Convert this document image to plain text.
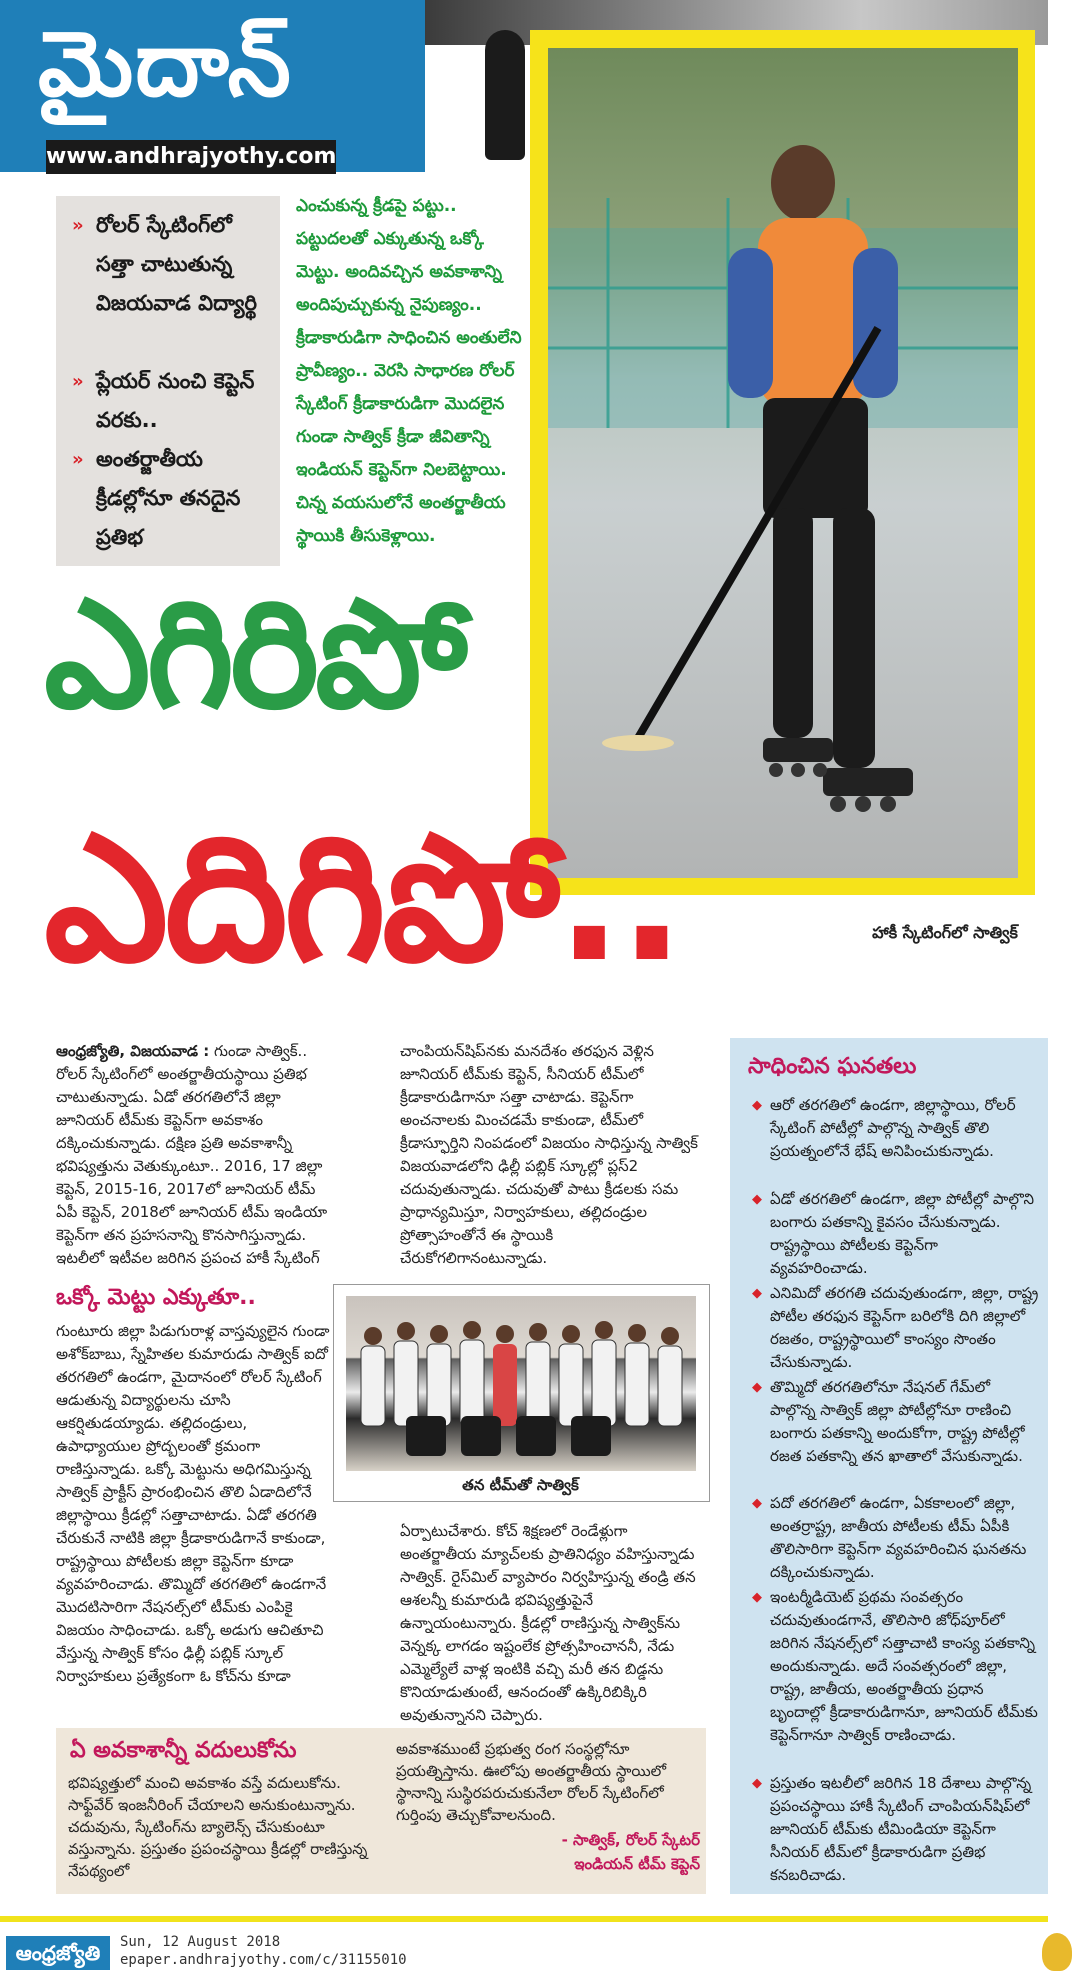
మైదాన్
www.andhrajyothy.com
హాకీ స్కేటింగ్‌లో సాత్విక్
» రోలర్ స్కేటింగ్‌లో సత్తా చాటుతున్న విజయవాడ విద్యార్థి
» ప్లేయర్ నుంచి కెప్టెన్ వరకు..
» అంతర్జాతీయ క్రీడల్లోనూ తనదైన ప్రతిభ
ఎంచుకున్న క్రీడపై పట్టు.. పట్టుదలతో ఎక్కుతున్న ఒక్కో మెట్టు. అందివచ్చిన అవకాశాన్ని అందిపుచ్చుకున్న నైపుణ్యం.. క్రీడాకారుడిగా సాధించిన అంతులేని ప్రావీణ్యం.. వెరసి సాధారణ రోలర్ స్కేటింగ్ క్రీడాకారుడిగా మొదలైన గుండా సాత్విక్ క్రీడా జీవితాన్ని ఇండియన్ కెప్టెన్‌గా నిలబెట్టాయి. చిన్న వయసులోనే అంతర్జాతీయ స్థాయికి తీసుకెళ్లాయి.
ఎగిరిపో
ఎదిగిపో..
ఆంధ్రజ్యోతి, విజయవాడ : గుండా సాత్విక్.. రోలర్ స్కేటింగ్‌లో అంతర్జాతీయస్థాయి ప్రతిభ చాటుతున్నాడు. ఏడో తరగతిలోనే జిల్లా జూనియర్ టీమ్‌కు కెప్టెన్‌గా అవకాశం దక్కించుకున్నాడు. దక్షిణ ప్రతి అవకాశాన్నీ భవిష్యత్తును వెతుక్కుంటూ.. 2016, 17 జిల్లా కెప్టెన్, 2015-16, 2017లో జూనియర్ టీమ్ ఏపీ కెప్టెన్, 2018లో జూనియర్ టీమ్ ఇండియా కెప్టెన్‌గా తన ప్రహసనాన్ని కొనసాగిస్తున్నాడు. ఇటలీలో ఇటీవల జరిగిన ప్రపంచ హాకీ స్కేటింగ్
చాంపియన్‌షిప్‌నకు మనదేశం తరఫున వెళ్లిన జూనియర్ టీమ్‌కు కెప్టెన్, సీనియర్ టీమ్‌లో క్రీడాకారుడిగానూ సత్తా చాటాడు. కెప్టెన్‌గా అంచనాలకు మించడమే కాకుండా, టీమ్‌లో క్రీడాస్ఫూర్తిని నింపడంలో విజయం సాధిస్తున్న సాత్విక్ విజయవాడలోని ఢిల్లీ పబ్లిక్ స్కూల్లో ప్లస్2 చదువుతున్నాడు. చదువుతో పాటు క్రీడలకు సమ ప్రాధాన్యమిస్తూ, నిర్వాహకులు, తల్లిదండ్రుల ప్రోత్సాహంతోనే ఈ స్థాయికి చేరుకోగలిగానంటున్నాడు.
ఒక్కో మెట్టు ఎక్కుతూ..
గుంటూరు జిల్లా పిడుగురాళ్ల వాస్తవ్యులైన గుండా అశోక్‌బాబు, స్నేహితల కుమారుడు సాత్విక్ ఐదో తరగతిలో ఉండగా, మైదానంలో రోలర్ స్కేటింగ్ ఆడుతున్న విద్యార్థులను చూసి ఆకర్షితుడయ్యాడు. తల్లిదండ్రులు, ఉపాధ్యాయుల ప్రోద్బలంతో క్రమంగా రాణిస్తున్నాడు. ఒక్కో మెట్టును అధిగమిస్తున్న సాత్విక్ ప్రాక్టీస్ ప్రారంభించిన తొలి ఏడాదిలోనే జిల్లాస్థాయి క్రీడల్లో సత్తాచాటాడు. ఏడో తరగతి చేరుకునే నాటికి జిల్లా క్రీడాకారుడిగానే కాకుండా, రాష్ట్రస్థాయి పోటీలకు జిల్లా కెప్టెన్‌గా కూడా వ్యవహరించాడు. తొమ్మిదో తరగతిలో ఉండగానే మొదటిసారిగా నేషనల్స్‌లో టీమ్‌కు ఎంపికై విజయం సాధించాడు. ఒక్కో అడుగు ఆచితూచి వేస్తున్న సాత్విక్ కోసం ఢిల్లీ పబ్లిక్ స్కూల్ నిర్వాహకులు ప్రత్యేకంగా ఓ కోచ్‌ను కూడా
ఏర్పాటుచేశారు. కోచ్ శిక్షణలో రెండేళ్లుగా అంతర్జాతీయ మ్యాచ్‌లకు ప్రాతినిధ్యం వహిస్తున్నాడు సాత్విక్. రైస్‌మిల్ వ్యాపారం నిర్వహిస్తున్న తండ్రి తన ఆశలన్నీ కుమారుడి భవిష్యత్తుపైనే ఉన్నాయంటున్నారు. క్రీడల్లో రాణిస్తున్న సాత్విక్‌ను వెన్నక్క లాగడం ఇష్టంలేక ప్రోత్సహించాననీ, నేడు ఎమ్మెల్యేలే వాళ్ల ఇంటికి వచ్చి మరీ తన బిడ్డను కొనియాడుతుంటే, ఆనందంతో ఉక్కిరిబిక్కిరి అవుతున్నానని చెప్పారు.
తన టీమ్‌తో సాత్విక్
సాధించిన ఘనతలు
◆ ఆరో తరగతిలో ఉండగా, జిల్లాస్థాయి, రోలర్ స్కేటింగ్ పోటీల్లో పాల్గొన్న సాత్విక్ తొలి ప్రయత్నంలోనే భేష్ అనిపించుకున్నాడు.
◆ ఏడో తరగతిలో ఉండగా, జిల్లా పోటీల్లో పాల్గొని బంగారు పతకాన్ని కైవసం చేసుకున్నాడు. రాష్ట్రస్థాయి పోటీలకు కెప్టెన్‌గా వ్యవహరించాడు.
◆ ఎనిమిదో తరగతి చదువుతుండగా, జిల్లా, రాష్ట్ర పోటీల తరఫున కెప్టెన్‌గా బరిలోకి దిగి జిల్లాలో రజతం, రాష్ట్రస్థాయిలో కాంస్యం సొంతం చేసుకున్నాడు.
◆ తొమ్మిదో తరగతిలోనూ నేషనల్ గేమ్‌లో పాల్గొన్న సాత్విక్ జిల్లా పోటీల్లోనూ రాణించి బంగారు పతకాన్ని అందుకోగా, రాష్ట్ర పోటీల్లో రజత పతకాన్ని తన ఖాతాలో వేసుకున్నాడు.
◆ పదో తరగతిలో ఉండగా, ఏకకాలంలో జిల్లా, అంతర్రాష్ట్ర, జాతీయ పోటీలకు టీమ్ ఏపీకి తొలిసారిగా కెప్టెన్‌గా వ్యవహరించిన ఘనతను దక్కించుకున్నాడు.
◆ ఇంటర్మీడియెట్ ప్రథమ సంవత్సరం చదువుతుండగానే, తొలిసారి జోధ్‌పూర్‌లో జరిగిన నేషనల్స్‌లో సత్తాచాటి కాంస్య పతకాన్ని అందుకున్నాడు. అదే సంవత్సరంలో జిల్లా, రాష్ట్ర, జాతీయ, అంతర్జాతీయ ప్రధాన బృందాల్లో క్రీడాకారుడిగానూ, జూనియర్ టీమ్‌కు కెప్టెన్‌గానూ సాత్విక్ రాణించాడు.
◆ ప్రస్తుతం ఇటలీలో జరిగిన 18 దేశాలు పాల్గొన్న ప్రపంచస్థాయి హాకీ స్కేటింగ్ చాంపియన్‌షిప్‌లో జూనియర్ టీమ్‌కు టీమిండియా కెప్టెన్‌గా సీనియర్ టీమ్‌లో క్రీడాకారుడిగా ప్రతిభ కనబరిచాడు.
ఏ అవకాశాన్నీ వదులుకోను
భవిష్యత్తులో మంచి అవకాశం వస్తే వదులుకోను. సాఫ్ట్‌వేర్ ఇంజనీరింగ్ చేయాలని అనుకుంటున్నాను. చదువును, స్కేటింగ్‌ను బ్యాలెన్స్ చేసుకుంటూ వస్తున్నాను. ప్రస్తుతం ప్రపంచస్థాయి క్రీడల్లో రాణిస్తున్న నేపథ్యంలో
అవకాశముంటే ప్రభుత్వ రంగ సంస్థల్లోనూ ప్రయత్నిస్తాను. ఊలోపు అంతర్జాతీయ స్థాయిలో స్థానాన్ని సుస్థిరపరుచుకునేలా రోలర్ స్కేటింగ్‌లో గుర్తింపు తెచ్చుకోవాలనుంది.
- సాత్విక్, రోలర్ స్కేటర్
ఇండియన్ టీమ్ కెప్టెన్
ఆంధ్రజ్యోతి	Sun, 12 August 2018
epaper.andhrajyothy.com/c/31155010
